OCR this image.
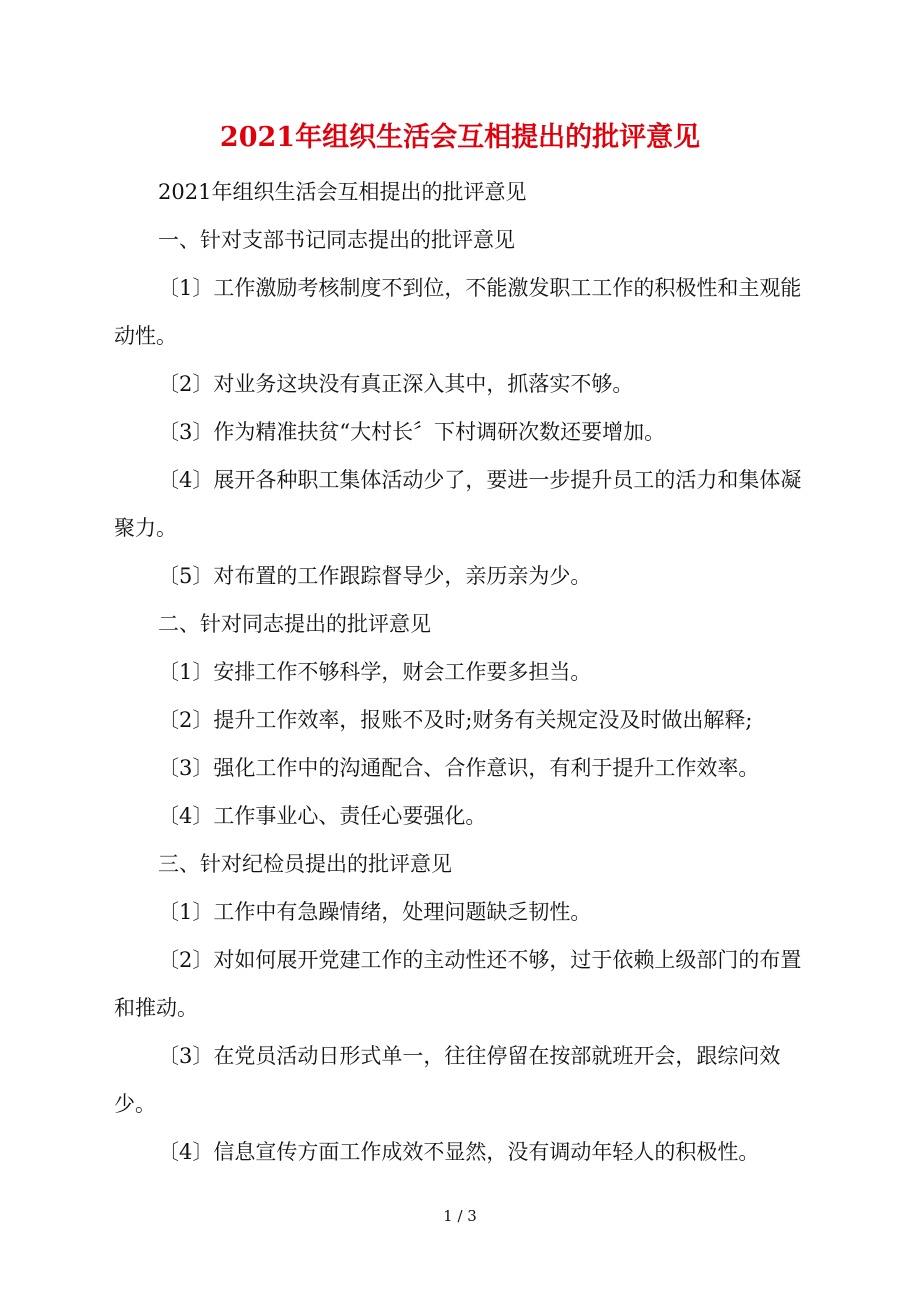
2021年组织生活会互相提出的批评意见

2021年组织生活会互相提出的批评意见

一、针对支部书记同志提出的批评意见

〔1〕工作激励考核制度不到位，不能激发职工工作的积极性和主观能动性。

〔2〕对业务这块没有真正深入其中，抓落实不够。

〔3〕作为精准扶贫“大村长〞下村调研次数还要增加。

〔4〕展开各种职工集体活动少了，要进一步提升员工的活力和集体凝聚力。

〔5〕对布置的工作跟踪督导少，亲历亲为少。

二、针对同志提出的批评意见

〔1〕安排工作不够科学，财会工作要多担当。

〔2〕提升工作效率，报账不及时;财务有关规定没及时做出解释;

〔3〕强化工作中的沟通配合、合作意识，有利于提升工作效率。

〔4〕工作事业心、责任心要强化。

三、针对纪检员提出的批评意见

〔1〕工作中有急躁情绪，处理问题缺乏韧性。

〔2〕对如何展开党建工作的主动性还不够，过于依赖上级部门的布置和推动。

〔3〕在党员活动日形式单一，往往停留在按部就班开会，跟综问效少。

〔4〕信息宣传方面工作成效不显然，没有调动年轻人的积极性。

1 / 3
